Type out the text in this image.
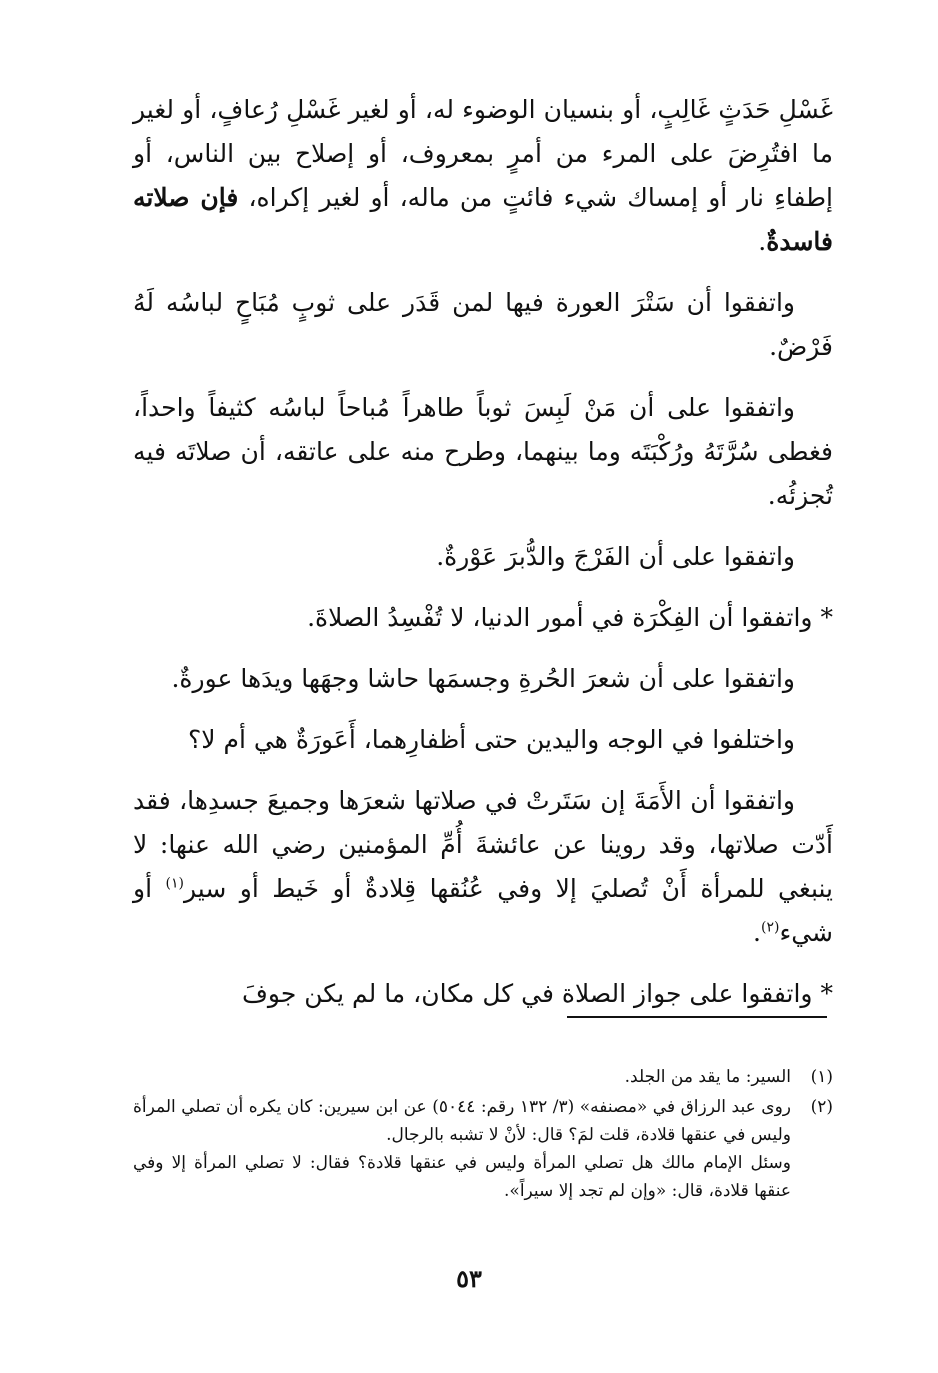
غَسْلِ حَدَثٍ غَالِبٍ، أو بنسيان الوضوء له، أو لغير غَسْلِ رُعافٍ، أو لغير ما افتُرِضَ على المرء من أمرٍ بمعروف، أو إصلاح بين الناس، أو إطفاءِ نار أو إمساك شيء فائتٍ من ماله، أو لغير إكراه، فإن صلاته فاسدةٌ.

واتفقوا أن سَتْرَ العورة فيها لمن قَدَر على ثوبٍ مُبَاحٍ لباسُه لَهُ فَرْضٌ.

واتفقوا على أن مَنْ لَبِسَ ثوباً طاهراً مُباحاً لباسُه كثيفاً واحداً، فغطى سُرَّتَهُ ورُكْبَتَه وما بينهما، وطرح منه على عاتقه، أن صلاتَه فيه تُجزئُه.

واتفقوا على أن الفَرْجَ والدُّبرَ عَوْرةٌ.

*واتفقوا أن الفِكْرَة في أمور الدنيا، لا تُفْسِدُ الصلاةَ.

واتفقوا على أن شعرَ الحُرةِ وجسمَها حاشا وجهَها ويدَها عورةٌ.

واختلفوا في الوجه واليدين حتى أظفارِهما، أَعَورَةٌ هي أم لا؟

واتفقوا أن الأَمَةَ إن سَتَرتْ في صلاتها شعرَها وجميعَ جسدِها، فقد أَدّت صلاتها، وقد روينا عن عائشةَ أُمِّ المؤمنين رضي الله عنها: لا ينبغي للمرأة أَنْ تُصليَ إلا وفي عُنُقها قِلادةٌ أو خَيط أو سير$^{(١)}$ أو شيء$^{(٢)}$.

*واتفقوا على جواز الصلاة في كل مكان، ما لم يكن جوفَ

(١)

السير: ما يقد من الجلد.

(٢)

روى عبد الرزاق في «مصنفه» (٣/ ١٣٢ رقم: ٥٠٤٤) عن ابن سيرين: كان يكره أن تصلي المرأة وليس في عنقها قلادة، قلت لمَ؟ قال: لأنْ لا تشبه بالرجال.

وسئل الإمام مالك هل تصلي المرأة وليس في عنقها قلادة؟ فقال: لا تصلي المرأة إلا وفي عنقها قلادة، قال: «وإن لم تجد إلا سيراً».

٥٣
